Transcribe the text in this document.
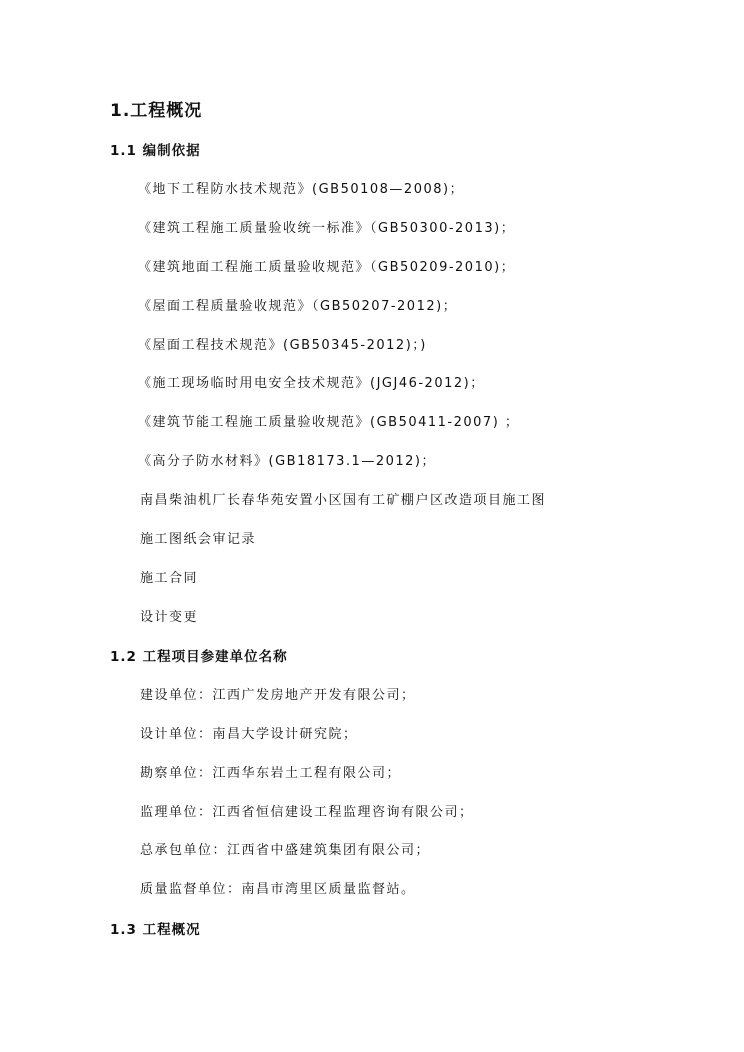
1.工程概况
1.1 编制依据
《地下工程防水技术规范》(GB50108—2008)；
《建筑工程施工质量验收统一标准》（GB50300-2013)；
《建筑地面工程施工质量验收规范》（GB50209-2010)；
《屋面工程质量验收规范》（GB50207-2012)；
《屋面工程技术规范》(GB50345-2012)；)
《施工现场临时用电安全技术规范》(JGJ46-2012)；
《建筑节能工程施工质量验收规范》(GB50411-2007) ；
《高分子防水材料》(GB18173.1—2012)；
南昌柴油机厂长春华苑安置小区国有工矿棚户区改造项目施工图
施工图纸会审记录
施工合同
设计变更
1.2 工程项目参建单位名称
建设单位：江西广发房地产开发有限公司；
设计单位：南昌大学设计研究院；
勘察单位：江西华东岩土工程有限公司；
监理单位：江西省恒信建设工程监理咨询有限公司；
总承包单位：江西省中盛建筑集团有限公司；
质量监督单位：南昌市湾里区质量监督站。
1.3 工程概况
